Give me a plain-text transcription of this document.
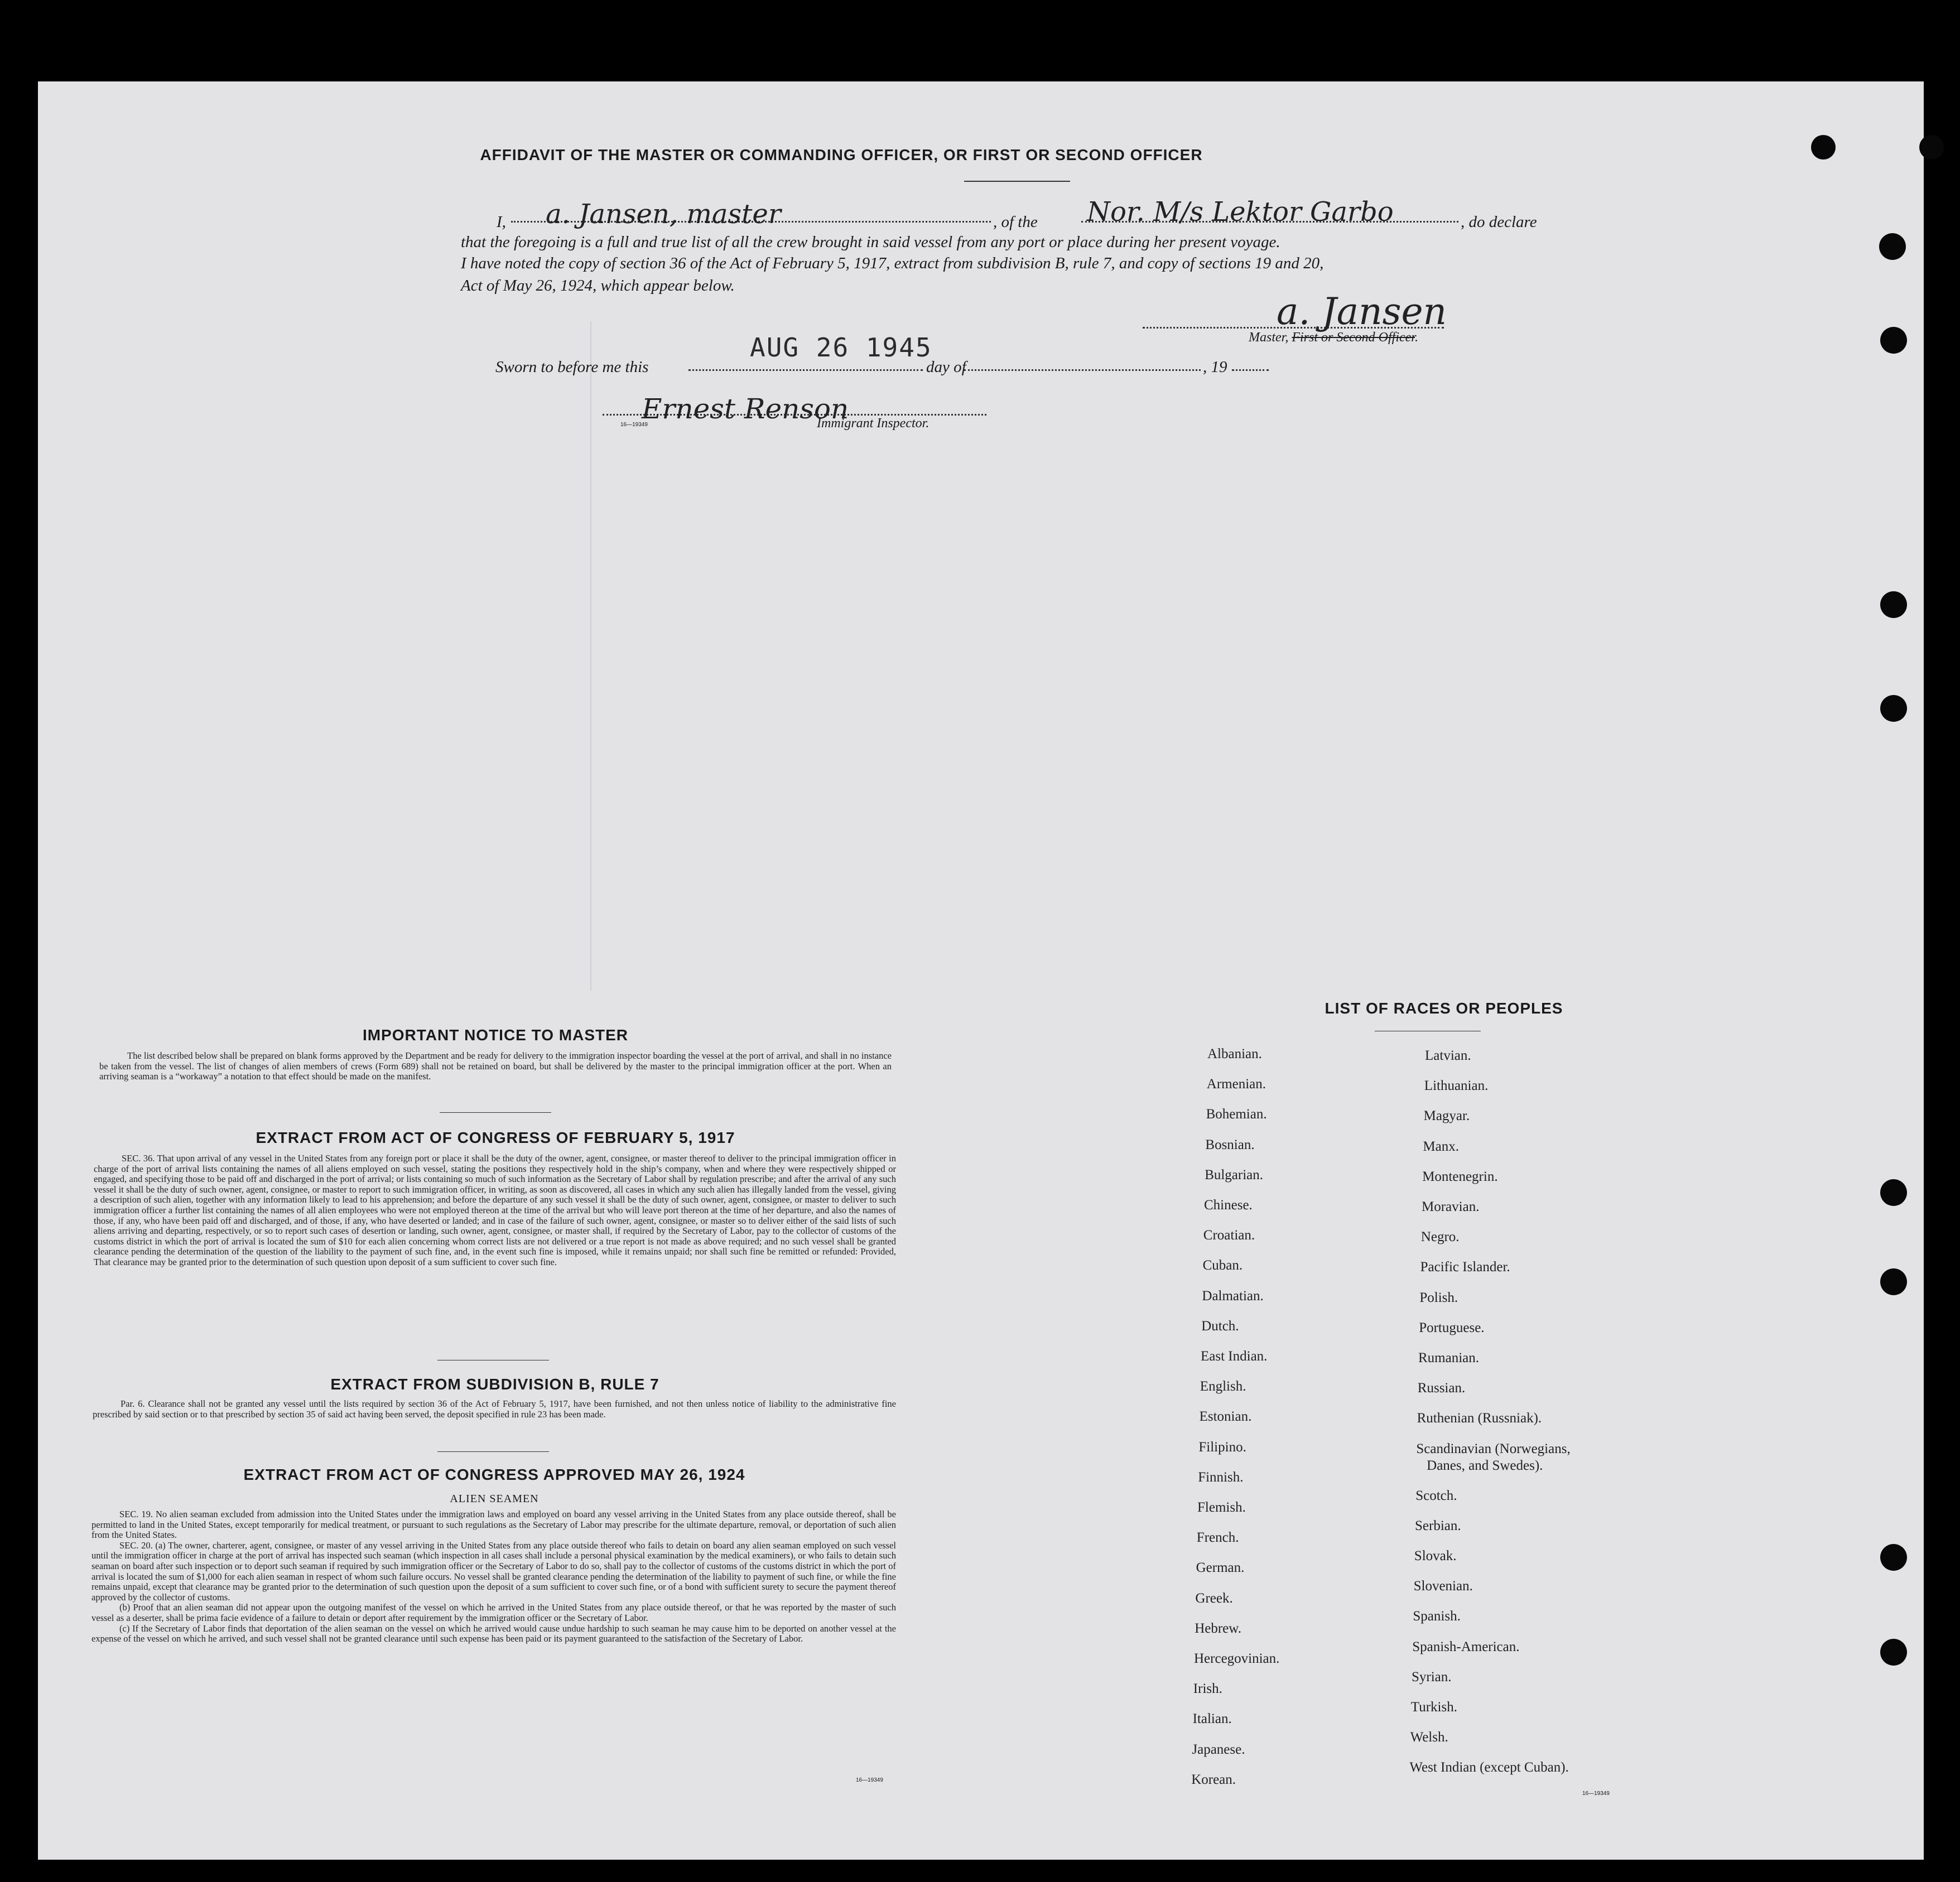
AFFIDAVIT OF THE MASTER OR COMMANDING OFFICER, OR FIRST OR SECOND OFFICER
I, a. Jansen, master	, of the Nor. M/s Lektor Garbo	, do declare
that the foregoing is a full and true list of all the crew brought in said vessel from any port or place during her present voyage.
I have noted the copy of section 36 of the Act of February 5, 1917, extract from subdivision B, rule 7, and copy of sections 19 and 20,
Act of May 26, 1924, which appear below.
a. Jansen
Master, First or Second Officer.
Sworn to before me this
AUG 26 1945
day of	, 19
Ernest Renson
16—19349	Immigrant Inspector.
IMPORTANT NOTICE TO MASTER

The list described below shall be prepared on blank forms approved by the Department and be ready for delivery to the immigration inspector boarding the vessel at the port of arrival, and shall in no instance be taken from the vessel. The list of changes of alien members of crews (Form 689) shall not be retained on board, but shall be delivered by the master to the principal immigration officer at the port. When an arriving seaman is a “workaway” a notation to that effect should be made on the manifest.

EXTRACT FROM ACT OF CONGRESS OF FEBRUARY 5, 1917

SEC. 36. That upon arrival of any vessel in the United States from any foreign port or place it shall be the duty of the owner, agent, consignee, or master thereof to deliver to the principal immigration officer in charge of the port of arrival lists containing the names of all aliens employed on such vessel, stating the positions they respectively hold in the ship’s company, when and where they were respectively shipped or engaged, and specifying those to be paid off and discharged in the port of arrival; or lists containing so much of such information as the Secretary of Labor shall by regulation prescribe; and after the arrival of any such vessel it shall be the duty of such owner, agent, consignee, or master to report to such immigration officer, in writing, as soon as discovered, all cases in which any such alien has illegally landed from the vessel, giving a description of such alien, together with any information likely to lead to his apprehension; and before the departure of any such vessel it shall be the duty of such owner, agent, consignee, or master to deliver to such immigration officer a further list containing the names of all alien employees who were not employed thereon at the time of the arrival but who will leave port thereon at the time of her departure, and also the names of those, if any, who have been paid off and discharged, and of those, if any, who have deserted or landed; and in case of the failure of such owner, agent, consignee, or master so to deliver either of the said lists of such aliens arriving and departing, respectively, or so to report such cases of desertion or landing, such owner, agent, consignee, or master shall, if required by the Secretary of Labor, pay to the collector of customs of the customs district in which the port of arrival is located the sum of $10 for each alien concerning whom correct lists are not delivered or a true report is not made as above required; and no such vessel shall be granted clearance pending the determination of the question of the liability to the payment of such fine, and, in the event such fine is imposed, while it remains unpaid; nor shall such fine be remitted or refunded: Provided, That clearance may be granted prior to the determination of such question upon deposit of a sum sufficient to cover such fine.

EXTRACT FROM SUBDIVISION B, RULE 7

Par. 6. Clearance shall not be granted any vessel until the lists required by section 36 of the Act of February 5, 1917, have been furnished, and not then unless notice of liability to the administrative fine prescribed by said section or to that prescribed by section 35 of said act having been served, the deposit specified in rule 23 has been made.

EXTRACT FROM ACT OF CONGRESS APPROVED MAY 26, 1924
ALIEN SEAMEN

SEC. 19. No alien seaman excluded from admission into the United States under the immigration laws and employed on board any vessel arriving in the United States from any place outside thereof, shall be permitted to land in the United States, except temporarily for medical treatment, or pursuant to such regulations as the Secretary of Labor may prescribe for the ultimate departure, removal, or deportation of such alien from the United States.

SEC. 20. (a) The owner, charterer, agent, consignee, or master of any vessel arriving in the United States from any place outside thereof who fails to detain on board any alien seaman employed on such vessel until the immigration officer in charge at the port of arrival has inspected such seaman (which inspection in all cases shall include a personal physical examination by the medical examiners), or who fails to detain such seaman on board after such inspection or to deport such seaman if required by such immigration officer or the Secretary of Labor to do so, shall pay to the collector of customs of the customs district in which the port of arrival is located the sum of $1,000 for each alien seaman in respect of whom such failure occurs. No vessel shall be granted clearance pending the determination of the liability to payment of such fine, or while the fine remains unpaid, except that clearance may be granted prior to the determination of such question upon the deposit of a sum sufficient to cover such fine, or of a bond with sufficient surety to secure the payment thereof approved by the collector of customs.

(b) Proof that an alien seaman did not appear upon the outgoing manifest of the vessel on which he arrived in the United States from any place outside thereof, or that he was reported by the master of such vessel as a deserter, shall be prima facie evidence of a failure to detain or deport after requirement by the immigration officer or the Secretary of Labor.

(c) If the Secretary of Labor finds that deportation of the alien seaman on the vessel on which he arrived would cause undue hardship to such seaman he may cause him to be deported on another vessel at the expense of the vessel on which he arrived, and such vessel shall not be granted clearance until such expense has been paid or its payment guaranteed to the satisfaction of the Secretary of Labor.

16—19349
LIST OF RACES OR PEOPLES
16—19349
Albanian.
Armenian.
Bohemian.
Bosnian.
Bulgarian.
Chinese.
Croatian.
Cuban.
Dalmatian.
Dutch.
East Indian.
English.
Estonian.
Filipino.
Finnish.
Flemish.
French.
German.
Greek.
Hebrew.
Hercegovinian.
Irish.
Italian.
Japanese.
Korean.
Latvian.
Lithuanian.
Magyar.
Manx.
Montenegrin.
Moravian.
Negro.
Pacific Islander.
Polish.
Portuguese.
Rumanian.
Russian.
Ruthenian (Russniak).
Scandinavian (Norwegians,
Danes, and Swedes).
Scotch.
Serbian.
Slovak.
Slovenian.
Spanish.
Spanish-American.
Syrian.
Turkish.
Welsh.
West Indian (except Cuban).
